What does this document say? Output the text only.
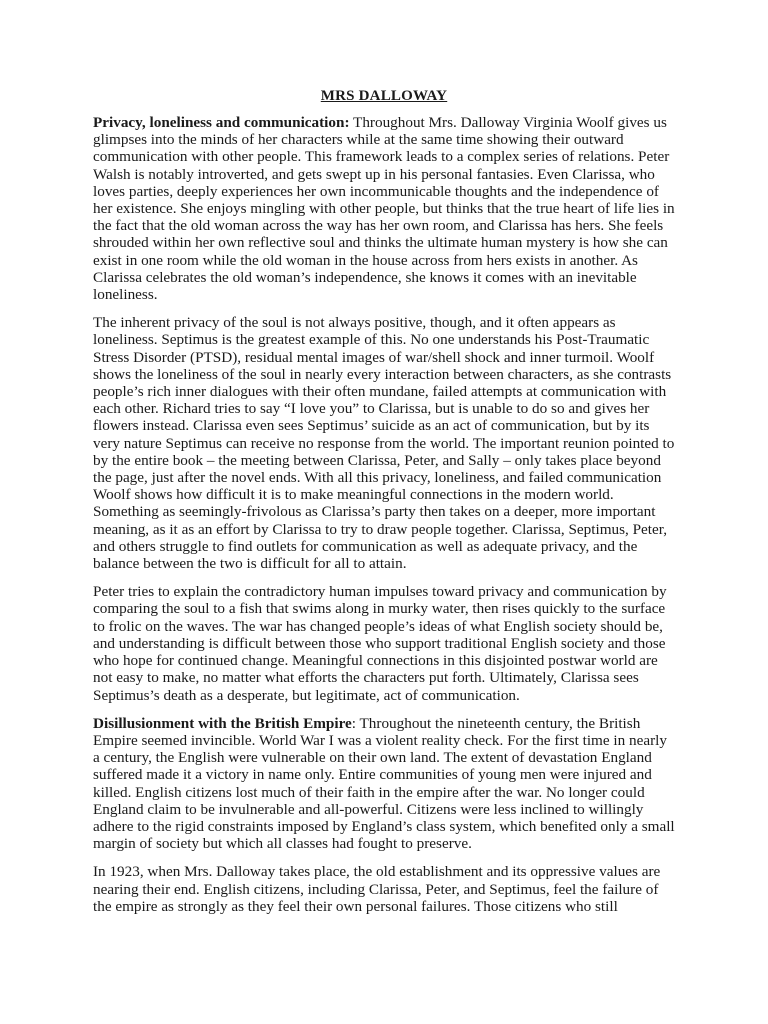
MRS DALLOWAY

Privacy, loneliness and communication: Throughout Mrs. Dalloway Virginia Woolf gives us glimpses into the minds of her characters while at the same time showing their outward communication with other people. This framework leads to a complex series of relations. Peter Walsh is notably introverted, and gets swept up in his personal fantasies. Even Clarissa, who loves parties, deeply experiences her own incommunicable thoughts and the independence of her existence. She enjoys mingling with other people, but thinks that the true heart of life lies in the fact that the old woman across the way has her own room, and Clarissa has hers. She feels shrouded within her own reflective soul and thinks the ultimate human mystery is how she can exist in one room while the old woman in the house across from hers exists in another. As Clarissa celebrates the old woman’s independence, she knows it comes with an inevitable loneliness.

The inherent privacy of the soul is not always positive, though, and it often appears as loneliness. Septimus is the greatest example of this. No one understands his Post-Traumatic Stress Disorder (PTSD), residual mental images of war/shell shock and inner turmoil. Woolf shows the loneliness of the soul in nearly every interaction between characters, as she contrasts people’s rich inner dialogues with their often mundane, failed attempts at communication with each other. Richard tries to say “I love you” to Clarissa, but is unable to do so and gives her flowers instead. Clarissa even sees Septimus’ suicide as an act of communication, but by its very nature Septimus can receive no response from the world. The important reunion pointed to by the entire book – the meeting between Clarissa, Peter, and Sally – only takes place beyond the page, just after the novel ends. With all this privacy, loneliness, and failed communication Woolf shows how difficult it is to make meaningful connections in the modern world. Something as seemingly-frivolous as Clarissa’s party then takes on a deeper, more important meaning, as it as an effort by Clarissa to try to draw people together. Clarissa, Septimus, Peter, and others struggle to find outlets for communication as well as adequate privacy, and the balance between the two is difficult for all to attain.

Peter tries to explain the contradictory human impulses toward privacy and communication by comparing the soul to a fish that swims along in murky water, then rises quickly to the surface to frolic on the waves. The war has changed people’s ideas of what English society should be, and understanding is difficult between those who support traditional English society and those who hope for continued change. Meaningful connections in this disjointed postwar world are not easy to make, no matter what efforts the characters put forth. Ultimately, Clarissa sees Septimus’s death as a desperate, but legitimate, act of communication.

Disillusionment with the British Empire: Throughout the nineteenth century, the British Empire seemed invincible. World War I was a violent reality check. For the first time in nearly a century, the English were vulnerable on their own land. The extent of devastation England suffered made it a victory in name only. Entire communities of young men were injured and killed. English citizens lost much of their faith in the empire after the war. No longer could England claim to be invulnerable and all-powerful. Citizens were less inclined to willingly adhere to the rigid constraints imposed by England’s class system, which benefited only a small margin of society but which all classes had fought to preserve.

In 1923, when Mrs. Dalloway takes place, the old establishment and its oppressive values are nearing their end. English citizens, including Clarissa, Peter, and Septimus, feel the failure of the empire as strongly as they feel their own personal failures. Those citizens who still
